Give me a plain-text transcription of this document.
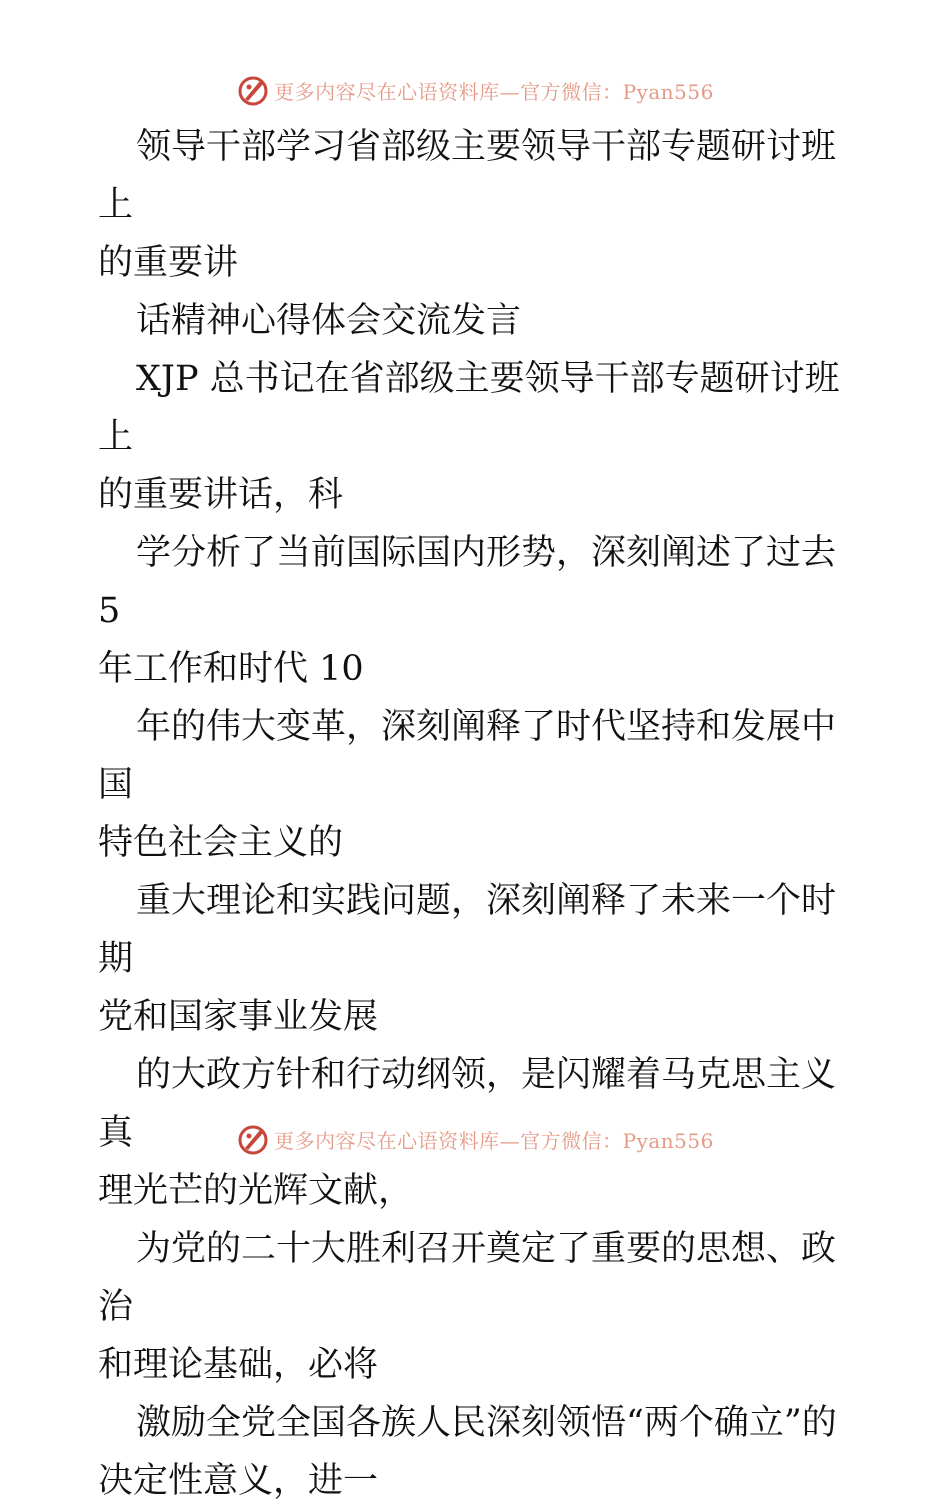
更多内容尽在心语资料库—官方微信：Pyan556

领导干部学习省部级主要领导干部专题研讨班上

的重要讲

话精神心得体会交流发言

XJP 总书记在省部级主要领导干部专题研讨班上

的重要讲话，科

学分析了当前国际国内形势，深刻阐述了过去 5

年工作和时代 10

年的伟大变革，深刻阐释了时代坚持和发展中国

特色社会主义的

重大理论和实践问题，深刻阐释了未来一个时期

党和国家事业发展

的大政方针和行动纲领，是闪耀着马克思主义真

理光芒的光辉文献，

为党的二十大胜利召开奠定了重要的思想、政治

和理论基础，必将

激励全党全国各族人民深刻领悟“两个确立”的

决定性意义，进一

更多内容尽在心语资料库—官方微信：Pyan556
